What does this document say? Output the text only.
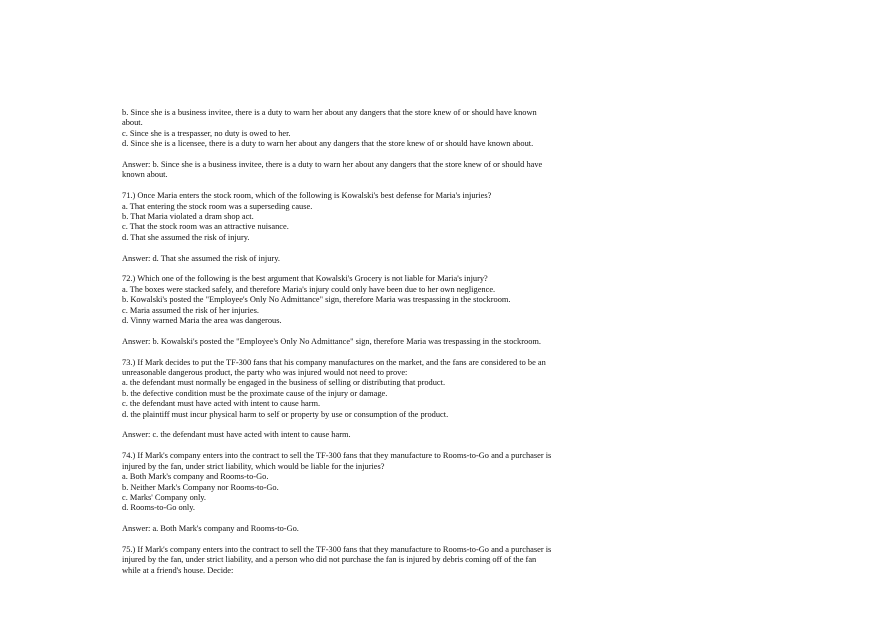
b. Since she is a business invitee, there is a duty to warn her about any dangers that the store knew of or should have known
about.
c. Since she is a trespasser, no duty is owed to her.
d. Since she is a licensee, there is a duty to warn her about any dangers that the store knew of or should have known about.
Answer: b. Since she is a business invitee, there is a duty to warn her about any dangers that the store knew of or should have
known about.
71.) Once Maria enters the stock room, which of the following is Kowalski's best defense for Maria's injuries?
a. That entering the stock room was a superseding cause.
b. That Maria violated a dram shop act.
c. That the stock room was an attractive nuisance.
d. That she assumed the risk of injury.
Answer: d. That she assumed the risk of injury.
72.) Which one of the following is the best argument that Kowalski's Grocery is not liable for Maria's injury?
a. The boxes were stacked safely, and therefore Maria's injury could only have been due to her own negligence.
b. Kowalski's posted the "Employee's Only No Admittance" sign, therefore Maria was trespassing in the stockroom.
c. Maria assumed the risk of her injuries.
d. Vinny warned Maria the area was dangerous.
Answer: b. Kowalski's posted the "Employee's Only No Admittance" sign, therefore Maria was trespassing in the stockroom.
73.) If Mark decides to put the TF-300 fans that his company manufactures on the market, and the fans are considered to be an
unreasonable dangerous product, the party who was injured would not need to prove:
a. the defendant must normally be engaged in the business of selling or distributing that product.
b. the defective condition must be the proximate cause of the injury or damage.
c. the defendant must have acted with intent to cause harm.
d. the plaintiff must incur physical harm to self or property by use or consumption of the product.
Answer: c. the defendant must have acted with intent to cause harm.
74.) If Mark's company enters into the contract to sell the TF-300 fans that they manufacture to Rooms-to-Go and a purchaser is
injured by the fan, under strict liability, which would be liable for the injuries?
a. Both Mark's company and Rooms-to-Go.
b. Neither Mark's Company nor Rooms-to-Go.
c. Marks' Company only.
d. Rooms-to-Go only.
Answer: a. Both Mark's company and Rooms-to-Go.
75.) If Mark's company enters into the contract to sell the TF-300 fans that they manufacture to Rooms-to-Go and a purchaser is
injured by the fan, under strict liability, and a person who did not purchase the fan is injured by debris coming off of the fan
while at a friend's house. Decide:
